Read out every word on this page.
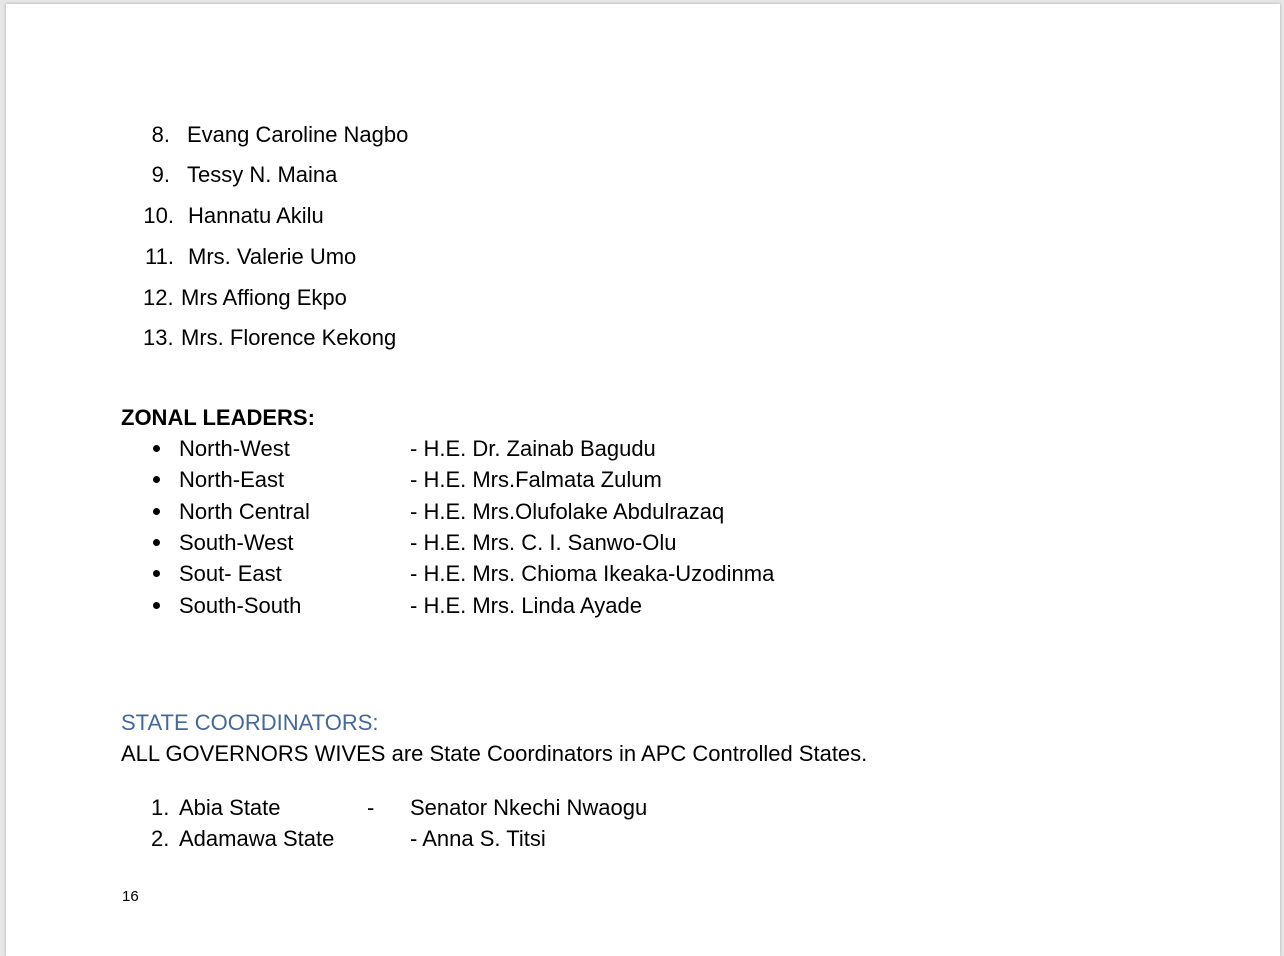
8. Evang Caroline Nagbo
9. Tessy N. Maina
10. Hannatu Akilu
11. Mrs. Valerie Umo
12. Mrs Affiong Ekpo
13. Mrs. Florence Kekong
ZONAL LEADERS:
North-West	- H.E. Dr. Zainab Bagudu
North-East	- H.E. Mrs.Falmata Zulum
North Central	- H.E. Mrs.Olufolake Abdulrazaq
South-West	- H.E. Mrs. C. I. Sanwo-Olu
Sout- East	- H.E. Mrs. Chioma Ikeaka-Uzodinma
South-South	- H.E. Mrs. Linda Ayade
STATE COORDINATORS:
ALL GOVERNORS WIVES are State Coordinators in APC Controlled States.
1. Abia State	- Senator Nkechi Nwaogu
2. Adamawa State	- Anna S. Titsi
16
